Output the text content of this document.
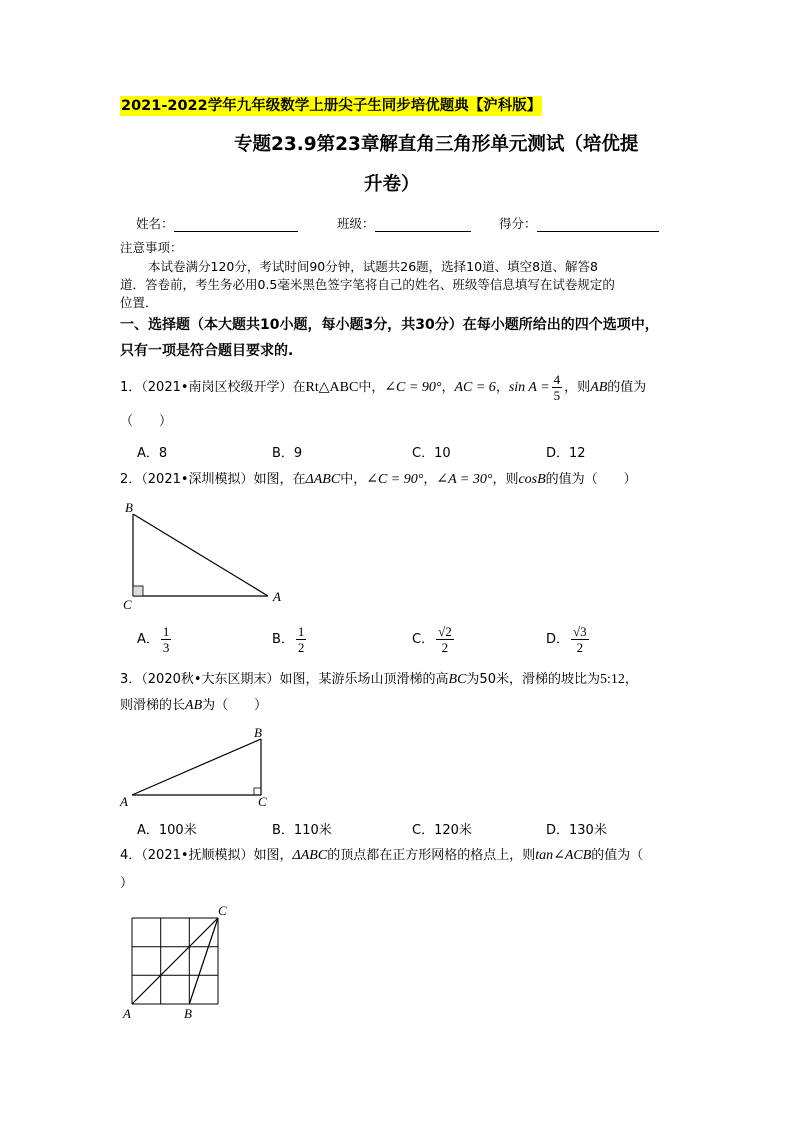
2021-2022学年九年级数学上册尖子生同步培优题典【沪科版】
专题23.9第23章解直角三角形单元测试（培优提
升卷）
姓名：	班级：	得分：
注意事项：
本试卷满分120分，考试时间90分钟，试题共26题，选择10道、填空8道、解答8
道．答卷前，考生务必用0.5毫米黑色签字笔将自己的姓名、班级等信息填写在试卷规定的
位置．
一、选择题（本大题共10小题，每小题3分，共30分）在每小题所给出的四个选项中，
只有一项是符合题目要求的.
1．（2021•南岗区校级开学）在Rt△ABC中，∠C = 90°，AC = 6，$\sin A = \frac{4}{5}$ ，则AB的值为
（　　）
A．8	B．9	C．10	D．12
2．（2021•深圳模拟）如图，在ΔABC中，∠C = 90°，∠A = 30°，则cosB的值为（　　）
B
C
A
A． $\frac{1}{3}$	B． $\frac{1}{2}$	C． $\frac{√2}{2}$	D． $\frac{√3}{2}$
3．（2020秋•大东区期末）如图，某游乐场山顶滑梯的高BC为50米，滑梯的坡比为5:12，
则滑梯的长AB为（　　）
B
A	C
A．100米	B．110米	C．120米	D．130米
4．（2021•抚顺模拟）如图，ΔABC的顶点都在正方形网格的格点上，则tan∠ACB的值为（
）
C
A	B
